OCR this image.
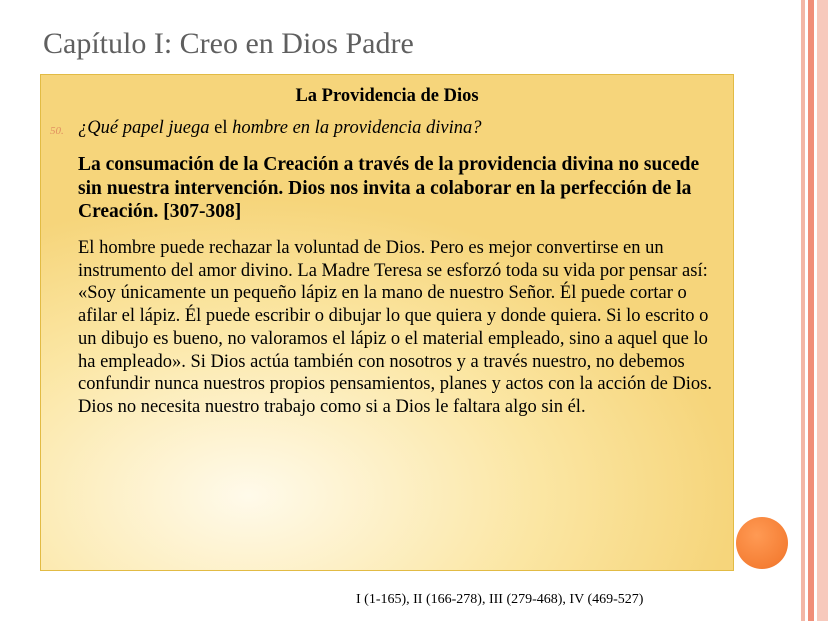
Capítulo I: Creo en Dios Padre
La Providencia de Dios
50. ¿Qué papel juega el hombre en la providencia divina?
La consumación de la Creación a través de la providencia divina no sucede sin nuestra intervención. Dios nos invita a colaborar en la perfección de la Creación. [307-308]
El hombre puede rechazar la voluntad de Dios. Pero es mejor convertirse en un instrumento del amor divino. La Madre Teresa se esforzó toda su vida por pensar así: «Soy únicamente un pequeño lápiz en la mano de nuestro Señor. Él puede cortar o afilar el lápiz. Él puede escribir o dibujar lo que quiera y donde quiera. Si lo escrito o un dibujo es bueno, no valoramos el lápiz o el material empleado, sino a aquel que lo ha empleado». Si Dios actúa también con nosotros y a través nuestro, no debemos confundir nunca nuestros propios pensamientos, planes y actos con la acción de Dios. Dios no necesita nuestro trabajo como si a Dios le faltara algo sin él.
I (1-165), II (166-278), III (279-468), IV (469-527)
